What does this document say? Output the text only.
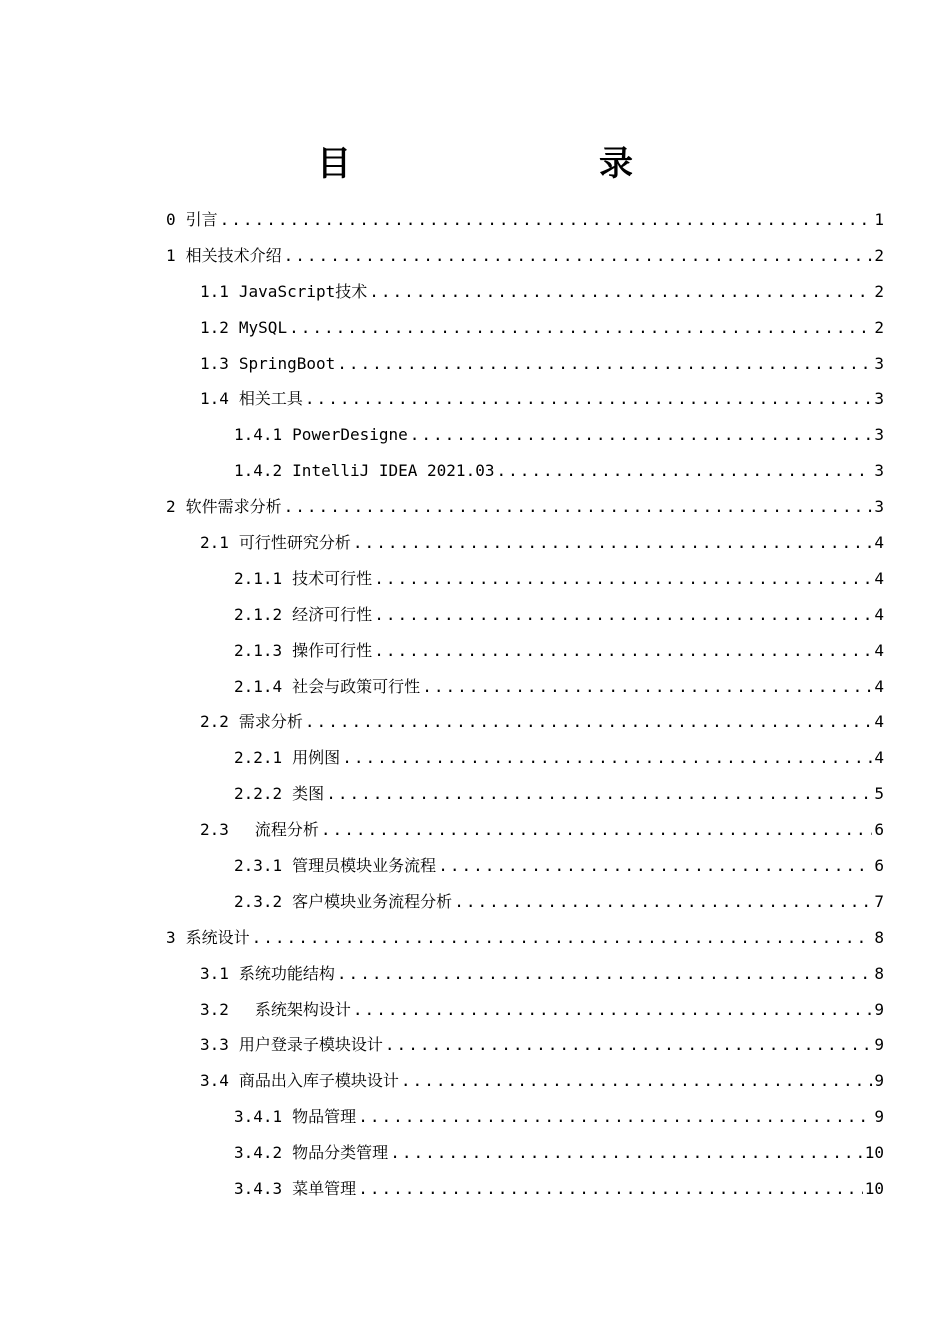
目　　录
0 引言 .....	1
1 相关技术介绍 .....	2
1.1 JavaScript技术 .....	2
1.2 MySQL .....	2
1.3 SpringBoot .....	3
1.4 相关工具 .....	3
1.4.1 PowerDesigne .....	3
1.4.2 IntelliJ IDEA 2021.03 .....	3
2 软件需求分析 .....	3
2.1 可行性研究分析 .....	4
2.1.1 技术可行性 .....	4
2.1.2 经济可行性 .....	4
2.1.3 操作可行性 .....	4
2.1.4 社会与政策可行性 .....	4
2.2 需求分析 .....	4
2.2.1 用例图 .....	4
2.2.2 类图 .....	5
2.3 　流程分析 .....	6
2.3.1 管理员模块业务流程 .....	6
2.3.2 客户模块业务流程分析 .....	7
3 系统设计 .....	8
3.1 系统功能结构 .....	8
3.2 　系统架构设计 .....	9
3.3 用户登录子模块设计 .....	9
3.4 商品出入库子模块设计 .....	9
3.4.1 物品管理 .....	9
3.4.2 物品分类管理 .....	10
3.4.3 菜单管理 .....	10
